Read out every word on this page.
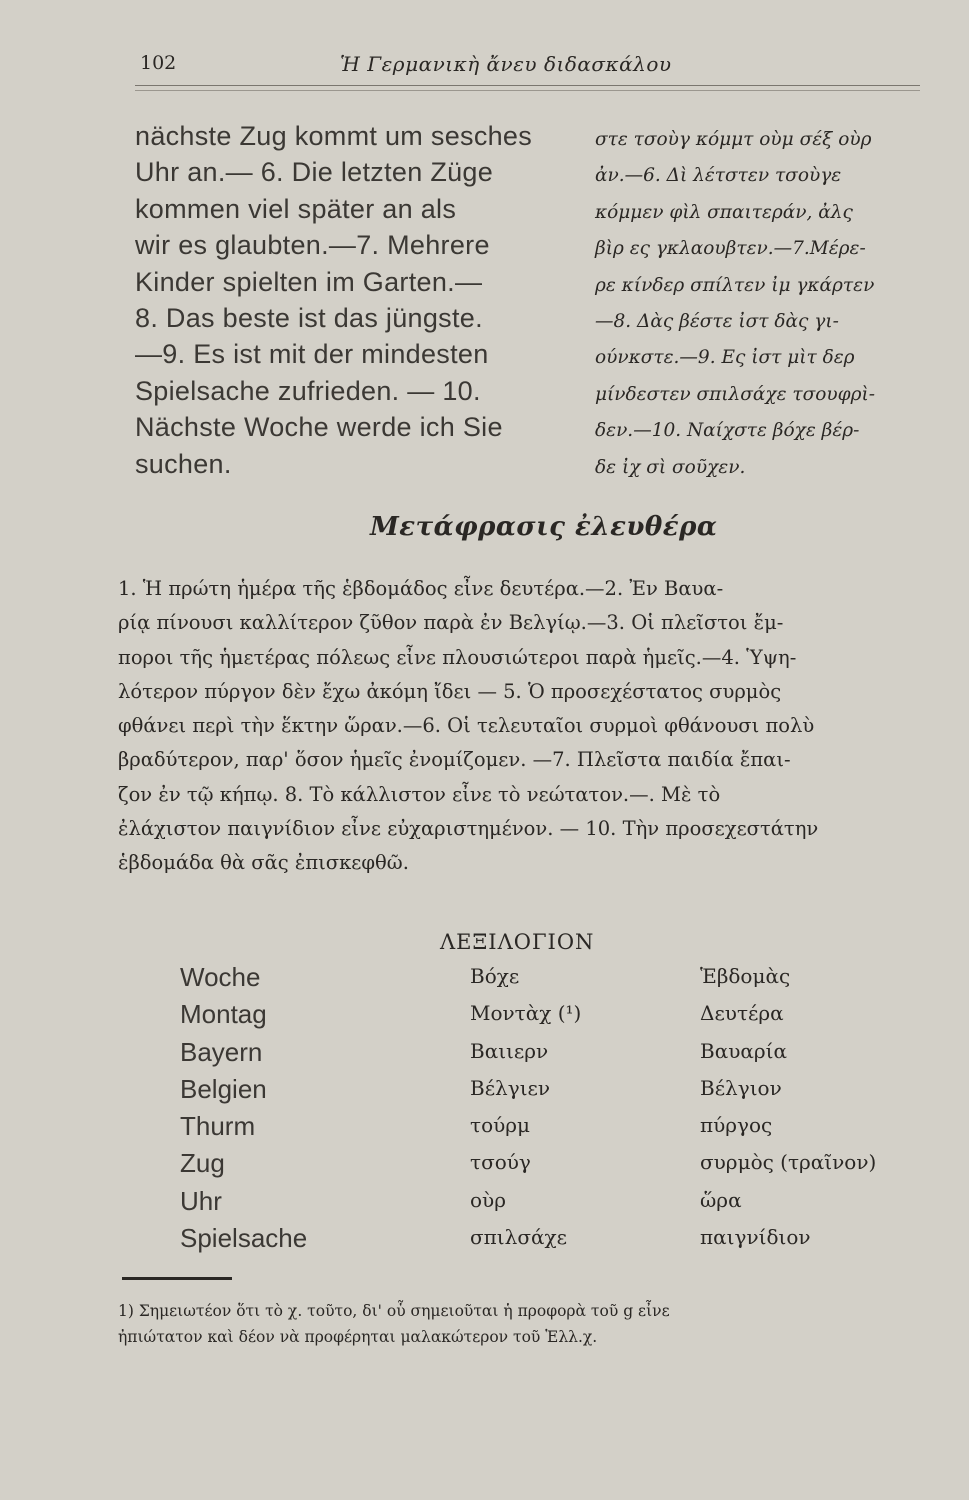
102	Ἡ Γερμανικὴ ἄνευ διδασκάλου
nächste Zug kommt um sesches
Uhr an.— 6. Die letzten Züge
kommen viel später an als
wir es glaubten.—7. Mehrere
Kinder spielten im Garten.—
8. Das beste ist das jüngste.
—9. Es ist mit der mindesten
Spielsache zufrieden. — 10.
Nächste Woche werde ich Sie
suchen.
στε τσοὺγ κόμμτ οὺμ σέξ οὺρ
ἀν.—6. Δὶ λέτστεν τσοὺγε
κόμμεν φὶλ σπαιτεράν, ἀλς
βὶρ ες γκλαουβτεν.—7.Μέρε-
ρε κίνδερ σπίλτεν ἰμ γκάρτεν
—8. Δὰς βέστε ἰστ δὰς γι-
ούνκστε.—9. Ες ἰστ μὶτ δερ
μίνδεστεν σπιλσάχε τσουφρὶ-
δεν.—10. Ναίχστε βόχε βέρ-
δε ἰχ σὶ σοῦχεν.
Μετάφρασις ἐλευθέρα
1. Ἡ πρώτη ἡμέρα τῆς ἑβδομάδος εἶνε δευτέρα.—2. Ἐν Βαυα-
ρίᾳ πίνουσι καλλίτερον ζῦθον παρὰ ἐν Βελγίῳ.—3. Οἱ πλεῖστοι ἔμ-
ποροι τῆς ἡμετέρας πόλεως εἶνε πλουσιώτεροι παρὰ ἡμεῖς.—4. Ὑψη-
λότερον πύργον δὲν ἔχω ἀκόμη ἴδει — 5. Ὁ προσεχέστατος συρμὸς
φθάνει περὶ τὴν ἕκτην ὥραν.—6. Οἱ τελευταῖοι συρμοὶ φθάνουσι πολὺ
βραδύτερον, παρ' ὅσον ἡμεῖς ἐνομίζομεν. —7. Πλεῖστα παιδία ἔπαι-
ζον ἐν τῷ κήπῳ. 8. Τὸ κάλλιστον εἶνε τὸ νεώτατον.—. Μὲ τὸ
ἐλάχιστον παιγνίδιον εἶνε εὐχαριστημένον. — 10. Τὴν προσεχεστάτην
ἑβδομάδα θὰ σᾶς ἐπισκεφθῶ.
ΛΕΞΙΛΟΓΙΟΝ
Woche	Βόχε	Ἑβδομὰς
Montag	Μοντὰχ (¹)	Δευτέρα
Bayern	Βαιιερν	Βαυαρία
Belgien	Βέλγιεν	Βέλγιον
Thurm	τούρμ	πύργος
Zug	τσούγ	συρμὸς (τραῖνον)
Uhr	οὺρ	ὥρα
Spielsache	σπιλσάχε	παιγνίδιον
1) Σημειωτέον ὅτι τὸ χ. τοῦτο, δι' οὗ σημειοῦται ἡ προφορὰ τοῦ g εἶνε
ἠπιώτατον καὶ δέον νὰ προφέρηται μαλακώτερον τοῦ Ἑλλ.χ.
